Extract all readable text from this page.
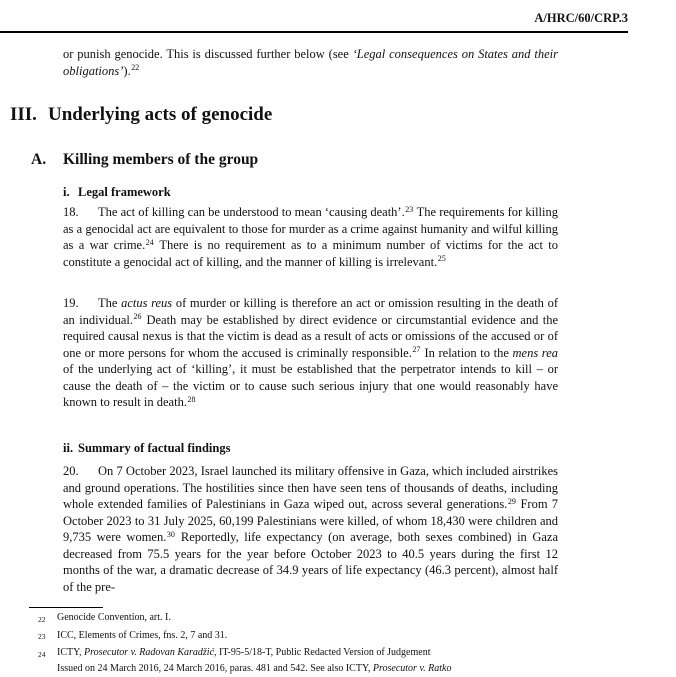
A/HRC/60/CRP.3
or punish genocide. This is discussed further below (see ‘Legal consequences on States and their obligations’).$^{22}$
III. Underlying acts of genocide
A. Killing members of the group
i. Legal framework
18. The act of killing can be understood to mean ‘causing death’.$^{23}$ The requirements for killing as a genocidal act are equivalent to those for murder as a crime against humanity and wilful killing as a war crime.$^{24}$ There is no requirement as to a minimum number of victims for the act to constitute a genocidal act of killing, and the manner of killing is irrelevant.$^{25}$
19. The actus reus of murder or killing is therefore an act or omission resulting in the death of an individual.$^{26}$ Death may be established by direct evidence or circumstantial evidence and the required causal nexus is that the victim is dead as a result of acts or omissions of the accused or of one or more persons for whom the accused is criminally responsible.$^{27}$ In relation to the mens rea of the underlying act of ‘killing’, it must be established that the perpetrator intends to kill – or cause the death of – the victim or to cause such serious injury that one would reasonably have known to result in death.$^{28}$
ii. Summary of factual findings
20. On 7 October 2023, Israel launched its military offensive in Gaza, which included airstrikes and ground operations. The hostilities since then have seen tens of thousands of deaths, including whole extended families of Palestinians in Gaza wiped out, across several generations.$^{29}$ From 7 October 2023 to 31 July 2025, 60,199 Palestinians were killed, of whom 18,430 were children and 9,735 were women.$^{30}$ Reportedly, life expectancy (on average, both sexes combined) in Gaza decreased from 75.5 years for the year before October 2023 to 40.5 years during the first 12 months of the war, a dramatic decrease of 34.9 years of life expectancy (46.3 percent), almost half of the pre-
22	Genocide Convention, art. I.
23	ICC, Elements of Crimes, fns. 2, 7 and 31.
24	ICTY, Prosecutor v. Radovan Karadžić, IT-95-5/18-T, Public Redacted Version of Judgement
Issued on 24 March 2016, 24 March 2016, paras. 481 and 542. See also ICTY, Prosecutor v. Ratko
